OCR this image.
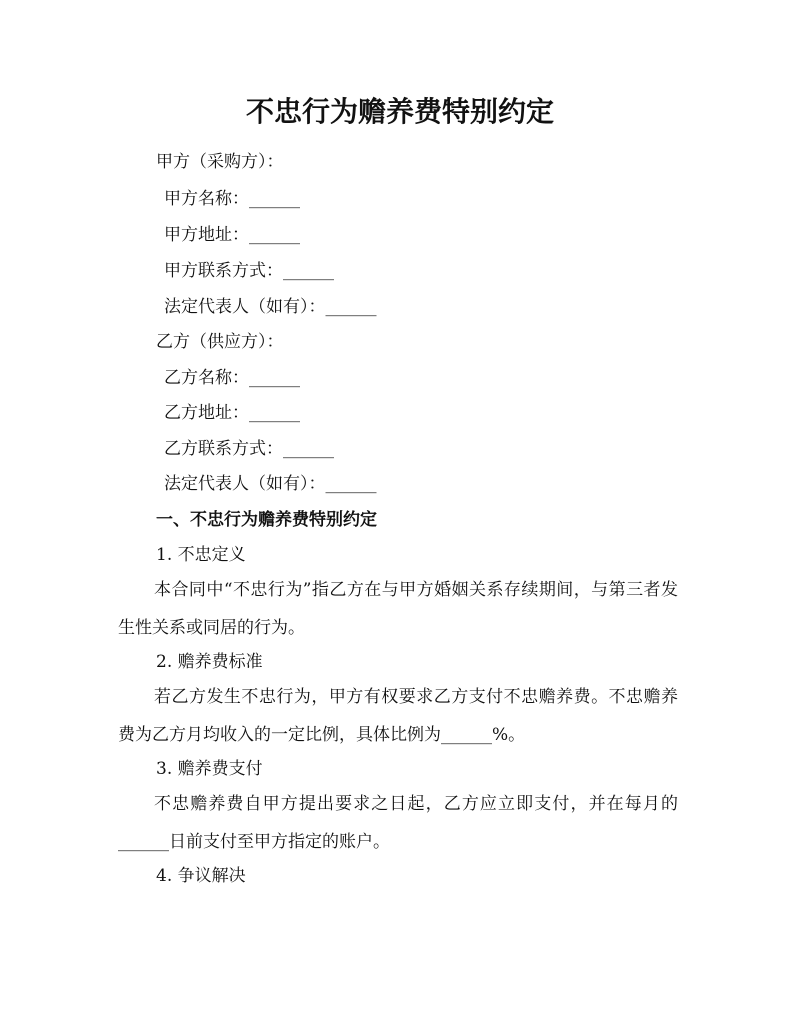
不忠行为赡养费特别约定
甲方（采购方）：
甲方名称：______
甲方地址：______
甲方联系方式：______
法定代表人（如有）：______
乙方（供应方）：
乙方名称：______
乙方地址：______
乙方联系方式：______
法定代表人（如有）：______
一、不忠行为赡养费特别约定
1. 不忠定义
本合同中“不忠行为”指乙方在与甲方婚姻关系存续期间，与第三者发生性关系或同居的行为。
2. 赡养费标准
若乙方发生不忠行为，甲方有权要求乙方支付不忠赡养费。不忠赡养费为乙方月均收入的一定比例，具体比例为______%。
3. 赡养费支付
不忠赡养费自甲方提出要求之日起，乙方应立即支付，并在每月的______日前支付至甲方指定的账户。
4. 争议解决
